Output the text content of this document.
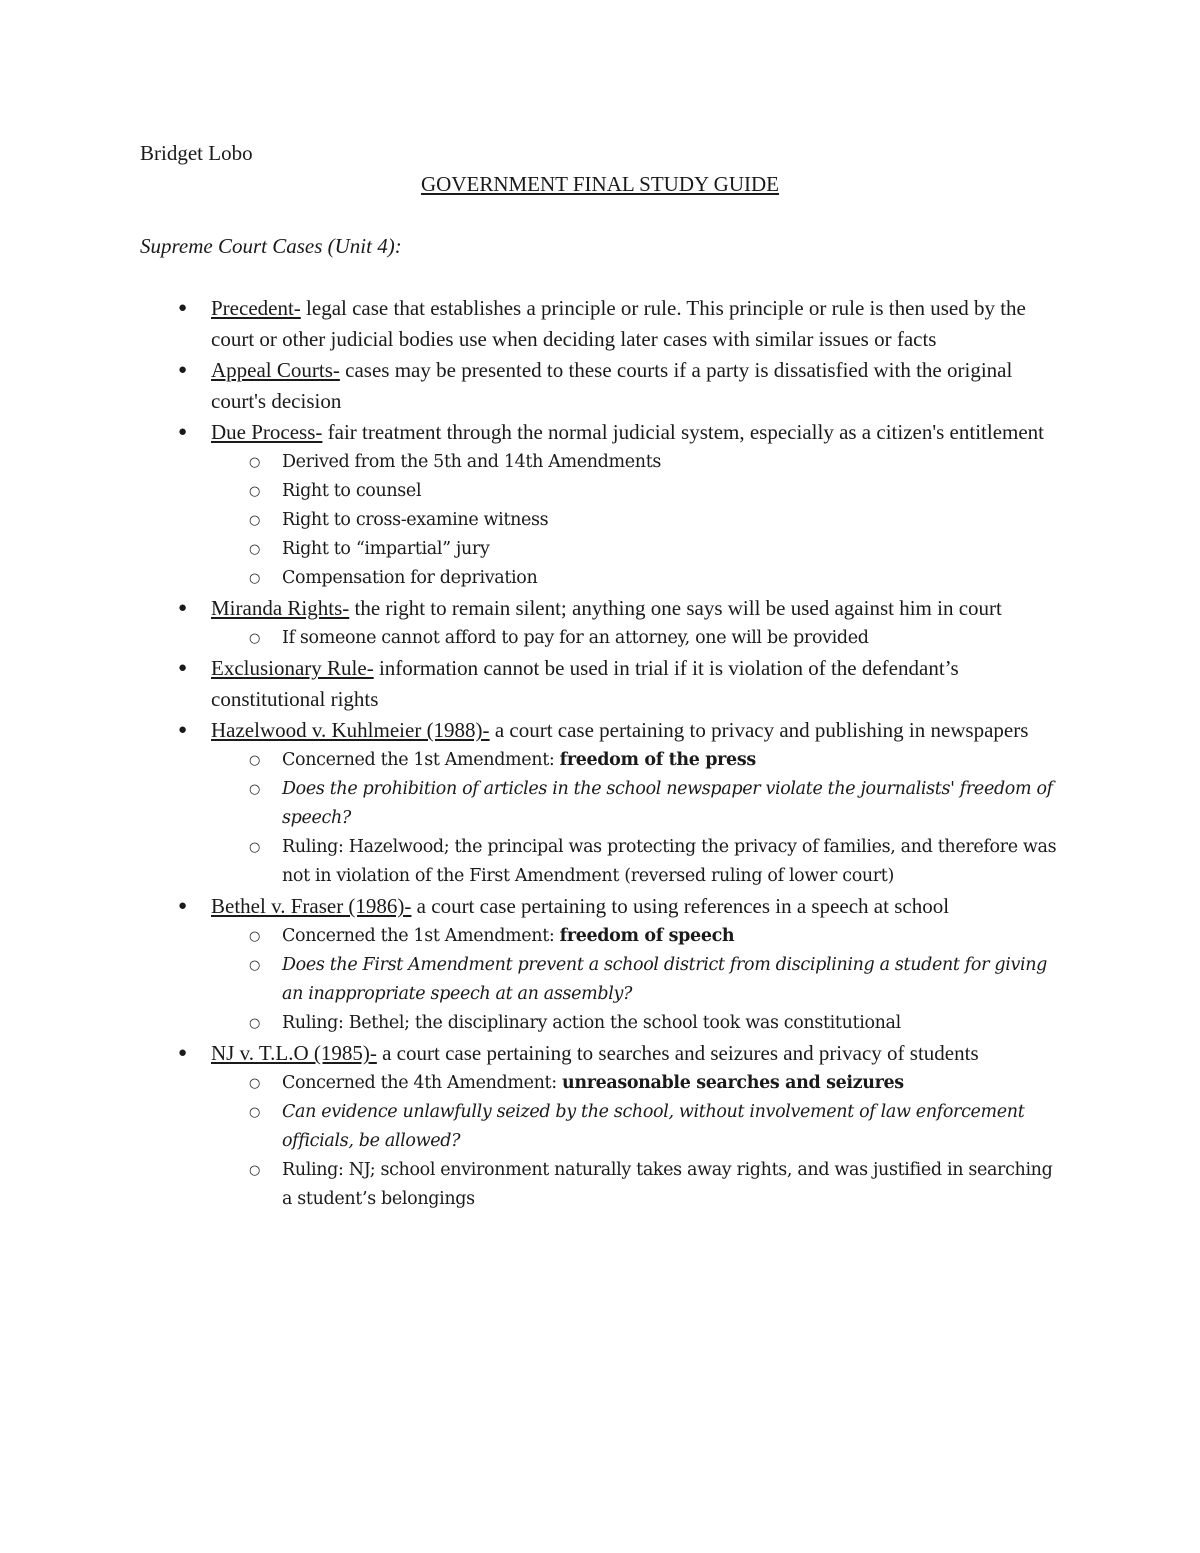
Bridget Lobo
GOVERNMENT FINAL STUDY GUIDE
Supreme Court Cases (Unit 4):
● Precedent- legal case that establishes a principle or rule. This principle or rule is then used by the court or other judicial bodies use when deciding later cases with similar issues or facts
● Appeal Courts- cases may be presented to these courts if a party is dissatisfied with the original court's decision
● Due Process- fair treatment through the normal judicial system, especially as a citizen's entitlement
○ Derived from the 5th and 14th Amendments
○ Right to counsel
○ Right to cross-examine witness
○ Right to “impartial” jury
○ Compensation for deprivation
● Miranda Rights- the right to remain silent; anything one says will be used against him in court
○ If someone cannot afford to pay for an attorney, one will be provided
● Exclusionary Rule- information cannot be used in trial if it is violation of the defendant’s constitutional rights
● Hazelwood v. Kuhlmeier (1988)- a court case pertaining to privacy and publishing in newspapers
○ Concerned the 1st Amendment: freedom of the press
○ Does the prohibition of articles in the school newspaper violate the journalists' freedom of speech?
○ Ruling: Hazelwood; the principal was protecting the privacy of families, and therefore was not in violation of the First Amendment (reversed ruling of lower court)
● Bethel v. Fraser (1986)- a court case pertaining to using references in a speech at school
○ Concerned the 1st Amendment: freedom of speech
○ Does the First Amendment prevent a school district from disciplining a student for giving an inappropriate speech at an assembly?
○ Ruling: Bethel; the disciplinary action the school took was constitutional
● NJ v. T.L.O (1985)- a court case pertaining to searches and seizures and privacy of students
○ Concerned the 4th Amendment: unreasonable searches and seizures
○ Can evidence unlawfully seized by the school, without involvement of law enforcement officials, be allowed?
○ Ruling: NJ; school environment naturally takes away rights, and was justified in searching a student’s belongings
